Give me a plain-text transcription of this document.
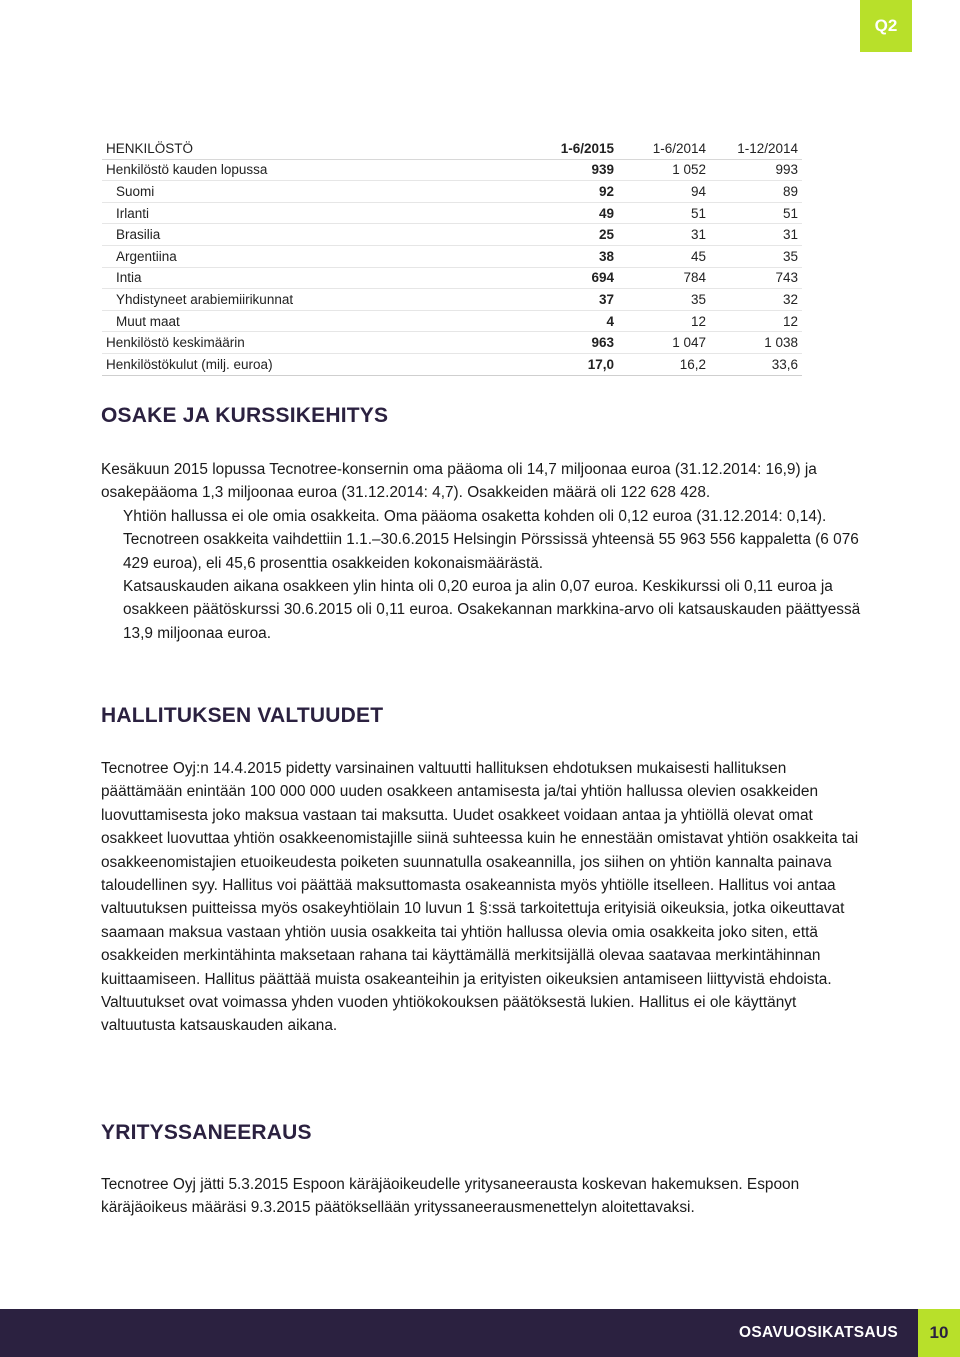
Q2
HENKILÖSTÖ	1-6/2015	1-6/2014	1-12/2014
Henkilöstö kauden lopussa	939	1 052	993
Suomi	92	94	89
Irlanti	49	51	51
Brasilia	25	31	31
Argentiina	38	45	35
Intia	694	784	743
Yhdistyneet arabiemiirikunnat	37	35	32
Muut maat	4	12	12
Henkilöstö keskimäärin	963	1 047	1 038
Henkilöstökulut (milj. euroa)	17,0	16,2	33,6
OSAKE JA KURSSIKEHITYS

Kesäkuun 2015 lopussa Tecnotree-konsernin oma pääoma oli 14,7 miljoonaa euroa (31.12.2014: 16,9) ja osakepääoma 1,3 miljoonaa euroa (31.12.2014: 4,7). Osakkeiden määrä oli 122 628 428.

Yhtiön hallussa ei ole omia osakkeita. Oma pääoma osaketta kohden oli 0,12 euroa (31.12.2014: 0,14).

Tecnotreen osakkeita vaihdettiin 1.1.–30.6.2015 Helsingin Pörssissä yhteensä 55 963 556 kappaletta (6 076 429 euroa), eli 45,6 prosenttia osakkeiden kokonaismäärästä.

Katsauskauden aikana osakkeen ylin hinta oli 0,20 euroa ja alin 0,07 euroa. Keskikurssi oli 0,11 euroa ja osakkeen päätöskurssi 30.6.2015 oli 0,11 euroa. Osakekannan markkina-arvo oli katsauskauden päättyessä 13,9 miljoonaa euroa.

HALLITUKSEN VALTUUDET

Tecnotree Oyj:n 14.4.2015 pidetty varsinainen valtuutti hallituksen ehdotuksen mukaisesti hallituksen päättämään enintään 100 000 000 uuden osakkeen antamisesta ja/tai yhtiön hallussa olevien osakkeiden luovuttamisesta joko maksua vastaan tai maksutta. Uudet osakkeet voidaan antaa ja yhtiöllä olevat omat osakkeet luovuttaa yhtiön osakkeenomistajille siinä suhteessa kuin he ennestään omistavat yhtiön osakkeita tai osakkeenomistajien etuoikeudesta poiketen suunnatulla osakeannilla, jos siihen on yhtiön kannalta painava taloudellinen syy. Hallitus voi päättää maksuttomasta osakeannista myös yhtiölle itselleen. Hallitus voi antaa valtuutuksen puitteissa myös osakeyhtiölain 10 luvun 1 §:ssä tarkoitettuja erityisiä oikeuksia, jotka oikeuttavat saamaan maksua vastaan yhtiön uusia osakkeita tai yhtiön hallussa olevia omia osakkeita joko siten, että osakkeiden merkintähinta maksetaan rahana tai käyttämällä merkitsijällä olevaa saatavaa merkintähinnan kuittaamiseen. Hallitus päättää muista osakeanteihin ja erityisten oikeuksien antamiseen liittyvistä ehdoista. Valtuutukset ovat voimassa yhden vuoden yhtiökokouksen päätöksestä lukien. Hallitus ei ole käyttänyt valtuutusta katsauskauden aikana.

YRITYSSANEERAUS

Tecnotree Oyj jätti 5.3.2015 Espoon käräjäoikeudelle yritysaneerausta koskevan hakemuksen. Espoon käräjäoikeus määräsi 9.3.2015 päätöksellään yrityssaneerausmenettelyn aloitettavaksi.

OSAVUOSIKATSAUS	10
